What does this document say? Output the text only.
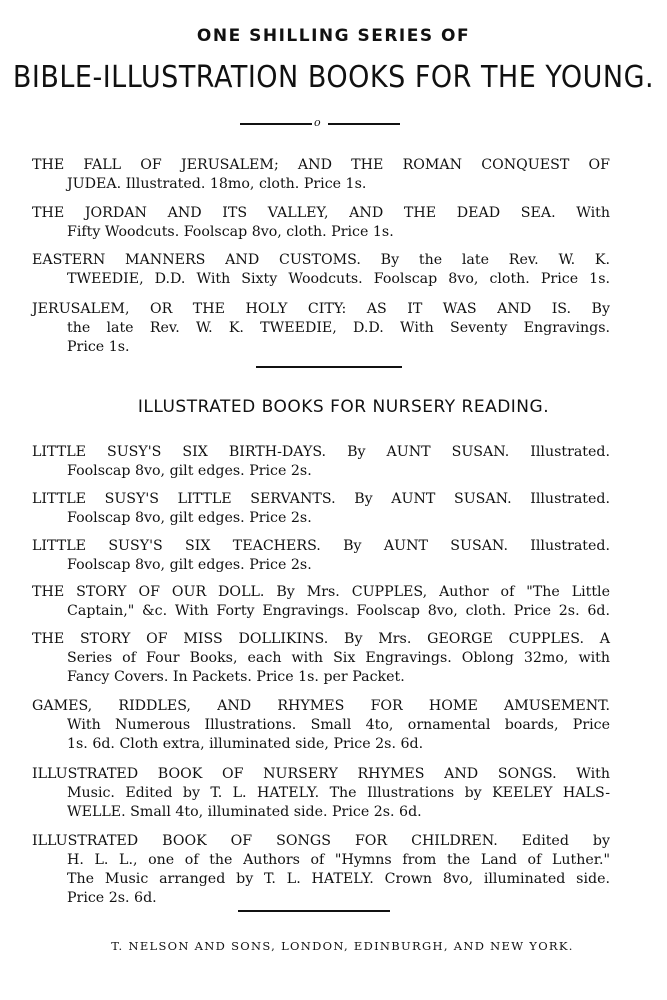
ONE SHILLING SERIES OF
BIBLE-ILLUSTRATION BOOKS FOR THE YOUNG.
o
THE FALL OF JERUSALEM; AND THE ROMAN CONQUEST OF
JUDEA. Illustrated. 18mo, cloth. Price 1s.
THE JORDAN AND ITS VALLEY, AND THE DEAD SEA. With
Fifty Woodcuts. Foolscap 8vo, cloth. Price 1s.
EASTERN MANNERS AND CUSTOMS. By the late Rev. W. K.
TWEEDIE, D.D. With Sixty Woodcuts. Foolscap 8vo, cloth. Price 1s.
JERUSALEM, OR THE HOLY CITY: AS IT WAS AND IS. By
the late Rev. W. K. TWEEDIE, D.D. With Seventy Engravings.
Price 1s.
ILLUSTRATED BOOKS FOR NURSERY READING.
LITTLE SUSY'S SIX BIRTH-DAYS. By AUNT SUSAN. Illustrated.
Foolscap 8vo, gilt edges. Price 2s.
LITTLE SUSY'S LITTLE SERVANTS. By AUNT SUSAN. Illustrated.
Foolscap 8vo, gilt edges. Price 2s.
LITTLE SUSY'S SIX TEACHERS. By AUNT SUSAN. Illustrated.
Foolscap 8vo, gilt edges. Price 2s.
THE STORY OF OUR DOLL. By Mrs. CUPPLES, Author of "The Little
Captain," &c. With Forty Engravings. Foolscap 8vo, cloth. Price 2s. 6d.
THE STORY OF MISS DOLLIKINS. By Mrs. GEORGE CUPPLES. A
Series of Four Books, each with Six Engravings. Oblong 32mo, with
Fancy Covers. In Packets. Price 1s. per Packet.
GAMES, RIDDLES, AND RHYMES FOR HOME AMUSEMENT.
With Numerous Illustrations. Small 4to, ornamental boards, Price
1s. 6d. Cloth extra, illuminated side, Price 2s. 6d.
ILLUSTRATED BOOK OF NURSERY RHYMES AND SONGS. With
Music. Edited by T. L. HATELY. The Illustrations by KEELEY HALS-
WELLE. Small 4to, illuminated side. Price 2s. 6d.
ILLUSTRATED BOOK OF SONGS FOR CHILDREN. Edited by
H. L. L., one of the Authors of "Hymns from the Land of Luther."
The Music arranged by T. L. HATELY. Crown 8vo, illuminated side.
Price 2s. 6d.
T. NELSON AND SONS, LONDON, EDINBURGH, AND NEW YORK.
